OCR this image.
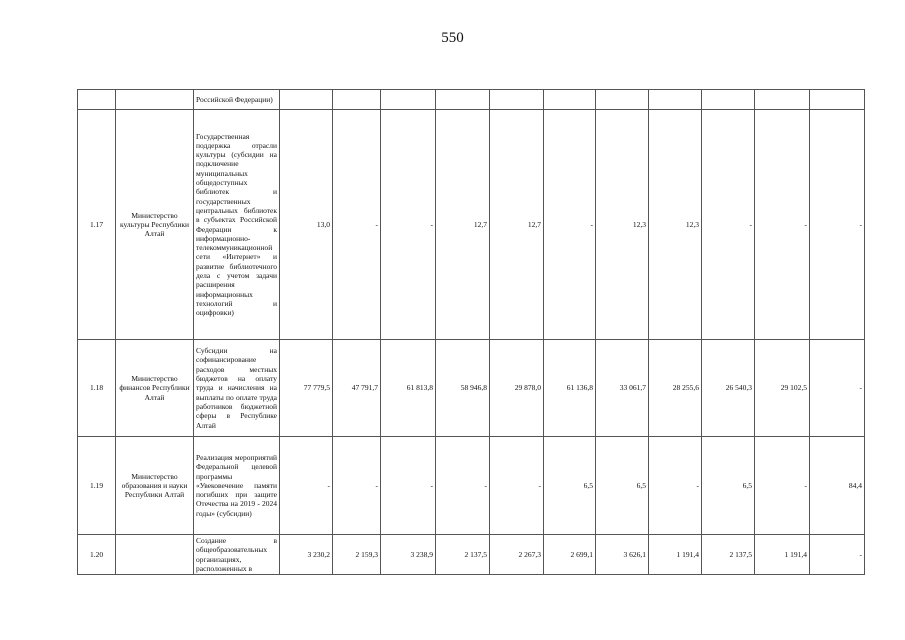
550
		Российской Федерации)											
1.17	Министерство культуры Республики Алтай	Государственная поддержка отрасли культуры (субсидии на подключение муниципальных общедоступных библиотек и государственных центральных библиотек в субъектах Российской Федерации к информационно-телекоммуникационной сети «Интернет» и развитие библиотечного дела с учетом задачи расширения информационных технологий и оцифровки)	13,0	-	-	12,7	12,7	-	12,3	12,3	-	-	-
1.18	Министерство финансов Республики Алтай	Субсидии на софинансирование расходов местных бюджетов на оплату труда и начисления на выплаты по оплате труда работников бюджетной сферы в Республике Алтай	77 779,5	47 791,7	61 813,8	58 946,8	29 878,0	61 136,8	33 061,7	28 255,6	26 540,3	29 102,5	-
1.19	Министерство образования и науки Республики Алтай	Реализация мероприятий Федеральной целевой программы «Увековечение памяти погибших при защите Отечества на 2019 - 2024 годы» (субсидии)	-	-	-	-	-	6,5	6,5	-	6,5	-	84,4
1.20		Создание в общеобразовательных организациях, расположенных в	3 230,2	2 159,3	3 238,9	2 137,5	2 267,3	2 699,1	3 626,1	1 191,4	2 137,5	1 191,4	-
